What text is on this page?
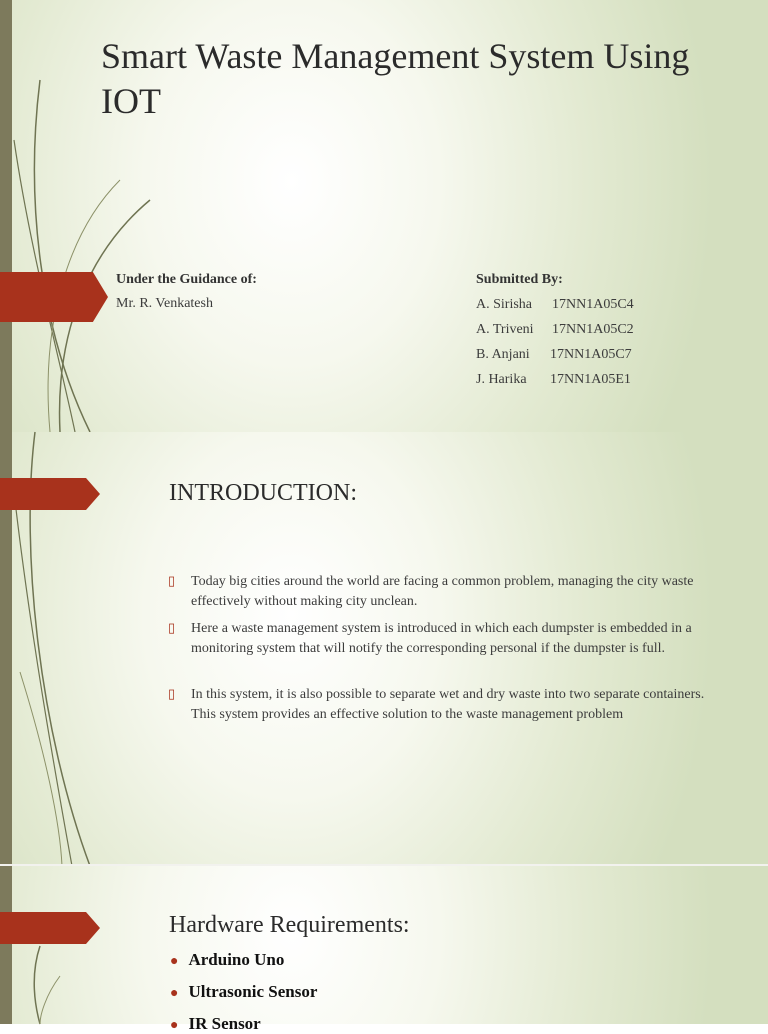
Smart Waste Management System Using IOT
Under the Guidance of:
Mr. R. Venkatesh
Submitted By:
A. Sirisha	17NN1A05C4
A. Triveni	17NN1A05C2
B. Anjani	17NN1A05C7
J. Harika	17NN1A05E1
INTRODUCTION:
▯ Today big cities around the world are facing a common problem, managing the city waste effectively without making city unclean.
▯ Here a waste management system is introduced in which each dumpster is embedded in a monitoring system that will notify the corresponding personal if the dumpster is full.
▯ In this system, it is also possible to separate wet and dry waste into two separate containers. This system provides an effective solution to the waste management problem
Hardware Requirements:
● Arduino Uno
● Ultrasonic Sensor
● IR Sensor
